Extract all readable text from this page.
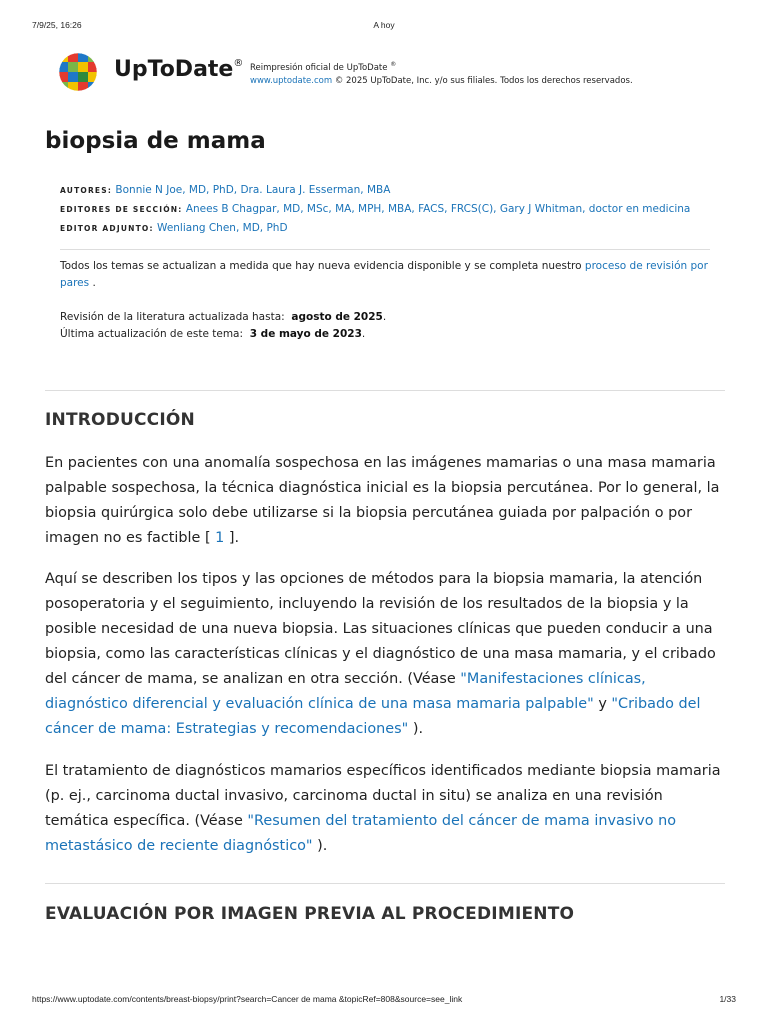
7/9/25, 16:26	A hoy
UpToDate® Reimpresión oficial de UpToDate ®
www.uptodate.com © 2025 UpToDate, Inc. y/o sus filiales. Todos los derechos reservados.
biopsia de mama
AUTORES: Bonnie N Joe, MD, PhD, Dra. Laura J. Esserman, MBA
EDITORES DE SECCIÓN: Anees B Chagpar, MD, MSc, MA, MPH, MBA, FACS, FRCS(C), Gary J Whitman, doctor en medicina
EDITOR ADJUNTO: Wenliang Chen, MD, PhD
Todos los temas se actualizan a medida que hay nueva evidencia disponible y se completa nuestro proceso de revisión por pares .
Revisión de la literatura actualizada hasta: agosto de 2025.
Última actualización de este tema: 3 de mayo de 2023.
INTRODUCCIÓN

En pacientes con una anomalía sospechosa en las imágenes mamarias o una masa mamaria palpable sospechosa, la técnica diagnóstica inicial es la biopsia percutánea. Por lo general, la biopsia quirúrgica solo debe utilizarse si la biopsia percutánea guiada por palpación o por imagen no es factible [ 1 ].

Aquí se describen los tipos y las opciones de métodos para la biopsia mamaria, la atención posoperatoria y el seguimiento, incluyendo la revisión de los resultados de la biopsia y la posible necesidad de una nueva biopsia. Las situaciones clínicas que pueden conducir a una biopsia, como las características clínicas y el diagnóstico de una masa mamaria, y el cribado del cáncer de mama, se analizan en otra sección. (Véase "Manifestaciones clínicas, diagnóstico diferencial y evaluación clínica de una masa mamaria palpable" y "Cribado del cáncer de mama: Estrategias y recomendaciones" ).

El tratamiento de diagnósticos mamarios específicos identificados mediante biopsia mamaria (p. ej., carcinoma ductal invasivo, carcinoma ductal in situ) se analiza en una revisión temática específica. (Véase "Resumen del tratamiento del cáncer de mama invasivo no metastásico de reciente diagnóstico" ).

EVALUACIÓN POR IMAGEN PREVIA AL PROCEDIMIENTO
https://www.uptodate.com/contents/breast-biopsy/print?search=Cancer de mama &topicRef=808&source=see_link	1/33
